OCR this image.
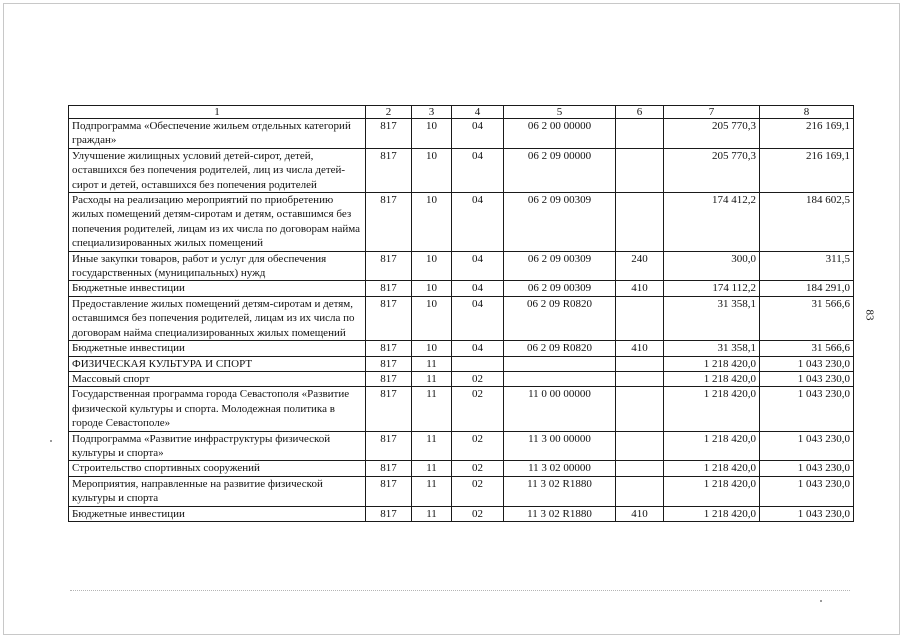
83
1	2	3	4	5	6	7	8
Подпрограмма «Обеспечение жильем отдельных категорий граждан»	817	10	04	06 2 00 00000		205 770,3	216 169,1
Улучшение жилищных условий детей-сирот, детей, оставшихся без попечения родителей, лиц из числа детей-сирот и детей, оставшихся без попечения родителей	817	10	04	06 2 09 00000		205 770,3	216 169,1
Расходы на реализацию мероприятий по приобретению жилых помещений детям-сиротам и детям, оставшимся без попечения родителей, лицам из их числа по договорам найма специализированных жилых помещений	817	10	04	06 2 09 00309		174 412,2	184 602,5
Иные закупки товаров, работ и услуг для обеспечения государственных (муниципальных) нужд	817	10	04	06 2 09 00309	240	300,0	311,5
Бюджетные инвестиции	817	10	04	06 2 09 00309	410	174 112,2	184 291,0
Предоставление жилых помещений детям-сиротам и детям, оставшимся без попечения родителей, лицам из их числа по договорам найма специализированных жилых помещений	817	10	04	06 2 09 R0820		31 358,1	31 566,6
Бюджетные инвестиции	817	10	04	06 2 09 R0820	410	31 358,1	31 566,6
ФИЗИЧЕСКАЯ КУЛЬТУРА И СПОРТ	817	11				1 218 420,0	1 043 230,0
Массовый спорт	817	11	02			1 218 420,0	1 043 230,0
Государственная программа города Севастополя «Развитие физической культуры и спорта. Молодежная политика в городе Севастополе»	817	11	02	11 0 00 00000		1 218 420,0	1 043 230,0
Подпрограмма «Развитие инфраструктуры физической культуры и спорта»	817	11	02	11 3 00 00000		1 218 420,0	1 043 230,0
Строительство спортивных сооружений	817	11	02	11 3 02 00000		1 218 420,0	1 043 230,0
Мероприятия, направленные на развитие физической культуры и спорта	817	11	02	11 3 02 R1880		1 218 420,0	1 043 230,0
Бюджетные инвестиции	817	11	02	11 3 02 R1880	410	1 218 420,0	1 043 230,0
